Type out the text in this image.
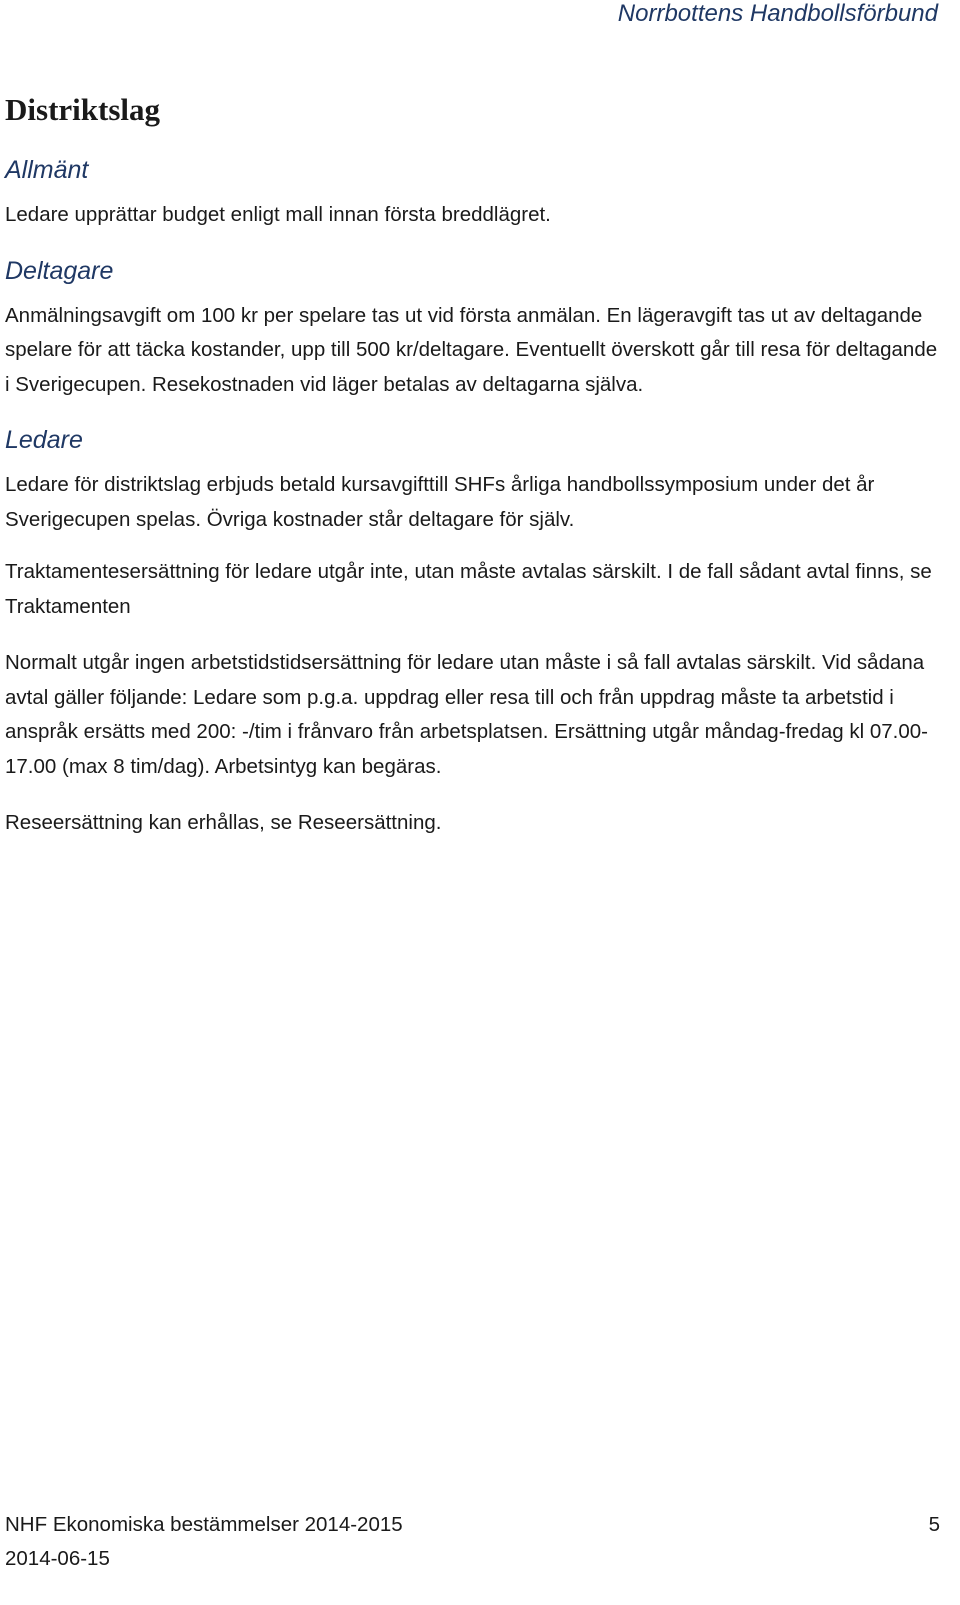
Norrbottens Handbollsförbund
Distriktslag
Allmänt

Ledare upprättar budget enligt mall innan första breddlägret.

Deltagare

Anmälningsavgift om 100 kr per spelare tas ut vid första anmälan. En lägeravgift tas ut av deltagande spelare för att täcka kostander, upp till 500 kr/deltagare. Eventuellt överskott går till resa för deltagande i Sverigecupen. Resekostnaden vid läger betalas av deltagarna själva.

Ledare

Ledare för distriktslag erbjuds betald kursavgifttill SHFs årliga handbollssymposium under det år Sverigecupen spelas. Övriga kostnader står deltagare för själv.

Traktamentesersättning för ledare utgår inte, utan måste avtalas särskilt. I de fall sådant avtal finns, se Traktamenten

Normalt utgår ingen arbetstidstidsersättning för ledare utan måste i så fall avtalas särskilt. Vid sådana avtal gäller följande: Ledare som p.g.a. uppdrag eller resa till och från uppdrag måste ta arbetstid i anspråk ersätts med 200: -/tim i frånvaro från arbetsplatsen. Ersättning utgår måndag-fredag kl 07.00-17.00 (max 8 tim/dag). Arbetsintyg kan begäras.

Reseersättning kan erhållas, se Reseersättning.

NHF Ekonomiska bestämmelser 2014-2015	5
2014-06-15
